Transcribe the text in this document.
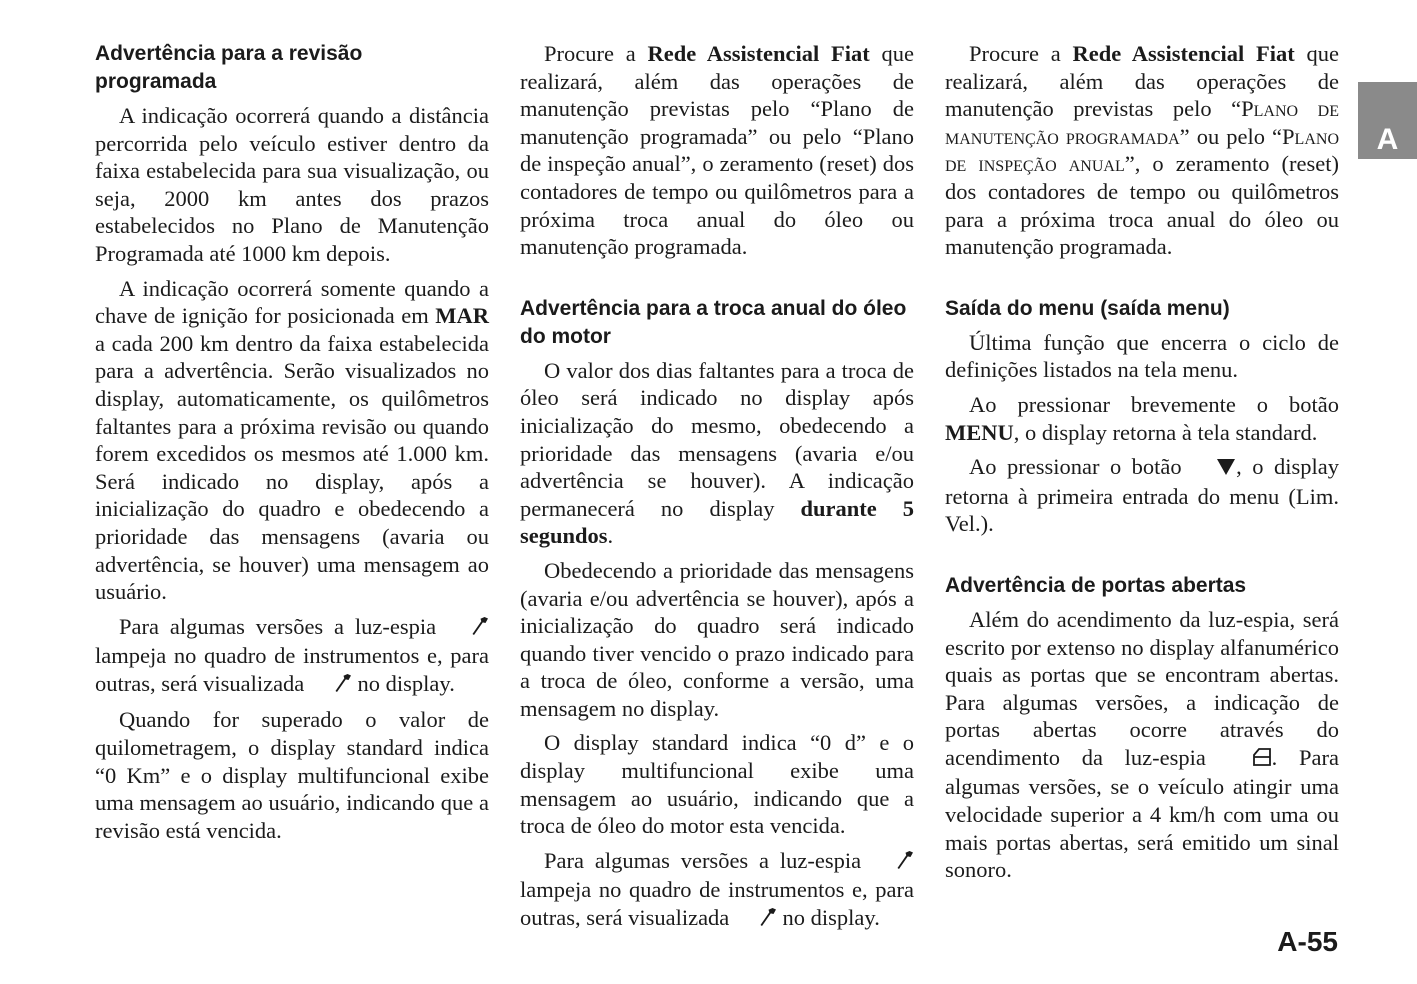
Advertência para a revisão programada

A indicação ocorrerá quando a distância percorrida pelo veículo estiver dentro da faixa estabelecida para sua visualização, ou seja, 2000 km antes dos prazos estabelecidos no Plano de Manutenção Programada até 1000 km depois.

A indicação ocorrerá somente quando a chave de ignição for posicionada em MAR a cada 200 km dentro da faixa estabelecida para a advertência. Serão visualizados no display, automaticamente, os quilômetros faltantes para a próxima revisão ou quando forem excedidos os mesmos até 1.000 km. Será indicado no display, após a inicialização do quadro e obedecendo a prioridade das mensagens (avaria ou advertência, se houver) uma mensagem ao usuário.

Para algumas versões a luz-espia  lampeja no quadro de instrumentos e, para outras, será visualizada  no display.

Quando for superado o valor de quilometragem, o display standard indica “0 Km” e o display multifuncional exibe uma mensagem ao usuário, indicando que a revisão está vencida.

Procure a Rede Assistencial Fiat que realizará, além das operações de manutenção previstas pelo “Plano de manutenção programada” ou pelo “Plano de inspeção anual”, o zeramento (reset) dos contadores de tempo ou quilômetros para a próxima troca anual do óleo ou manutenção programada.

Advertência para a troca anual do óleo do motor

O valor dos dias faltantes para a troca de óleo será indicado no display após inicialização do mesmo, obedecendo a prioridade das mensagens (avaria e/ou advertência se houver). A indicação permanecerá no display durante 5 segundos.

Obedecendo a prioridade das mensagens (avaria e/ou advertência se houver), após a inicialização do quadro será indicado quando tiver vencido o prazo indicado para a troca de óleo, conforme a versão, uma mensagem no display.

O display standard indica “0 d” e o display multifuncional exibe uma mensagem ao usuário, indicando que a troca de óleo do motor esta vencida.

Para algumas versões a luz-espia  lampeja no quadro de instrumentos e, para outras, será visualizada  no display.

Procure a Rede Assistencial Fiat que realizará, além das operações de manutenção previstas pelo “Plano de manutenção programada” ou pelo “Plano de inspeção anual”, o zeramento (reset) dos contadores de tempo ou quilômetros para a próxima troca anual do óleo ou manutenção programada.

Saída do menu (saída menu)

Última função que encerra o ciclo de definições listados na tela menu.

Ao pressionar brevemente o botão MENU, o display retorna à tela standard.

Ao pressionar o botão , o display retorna à primeira entrada do menu (Lim. Vel.).

Advertência de portas abertas

Além do acendimento da luz-espia, será escrito por extenso no display alfanumérico quais as portas que se encontram abertas. Para algumas versões, a indicação de portas abertas ocorre através do acendimento da luz-espia . Para algumas versões, se o veículo atingir uma velocidade superior a 4 km/h com uma ou mais portas abertas, será emitido um sinal sonoro.

A
A-55
